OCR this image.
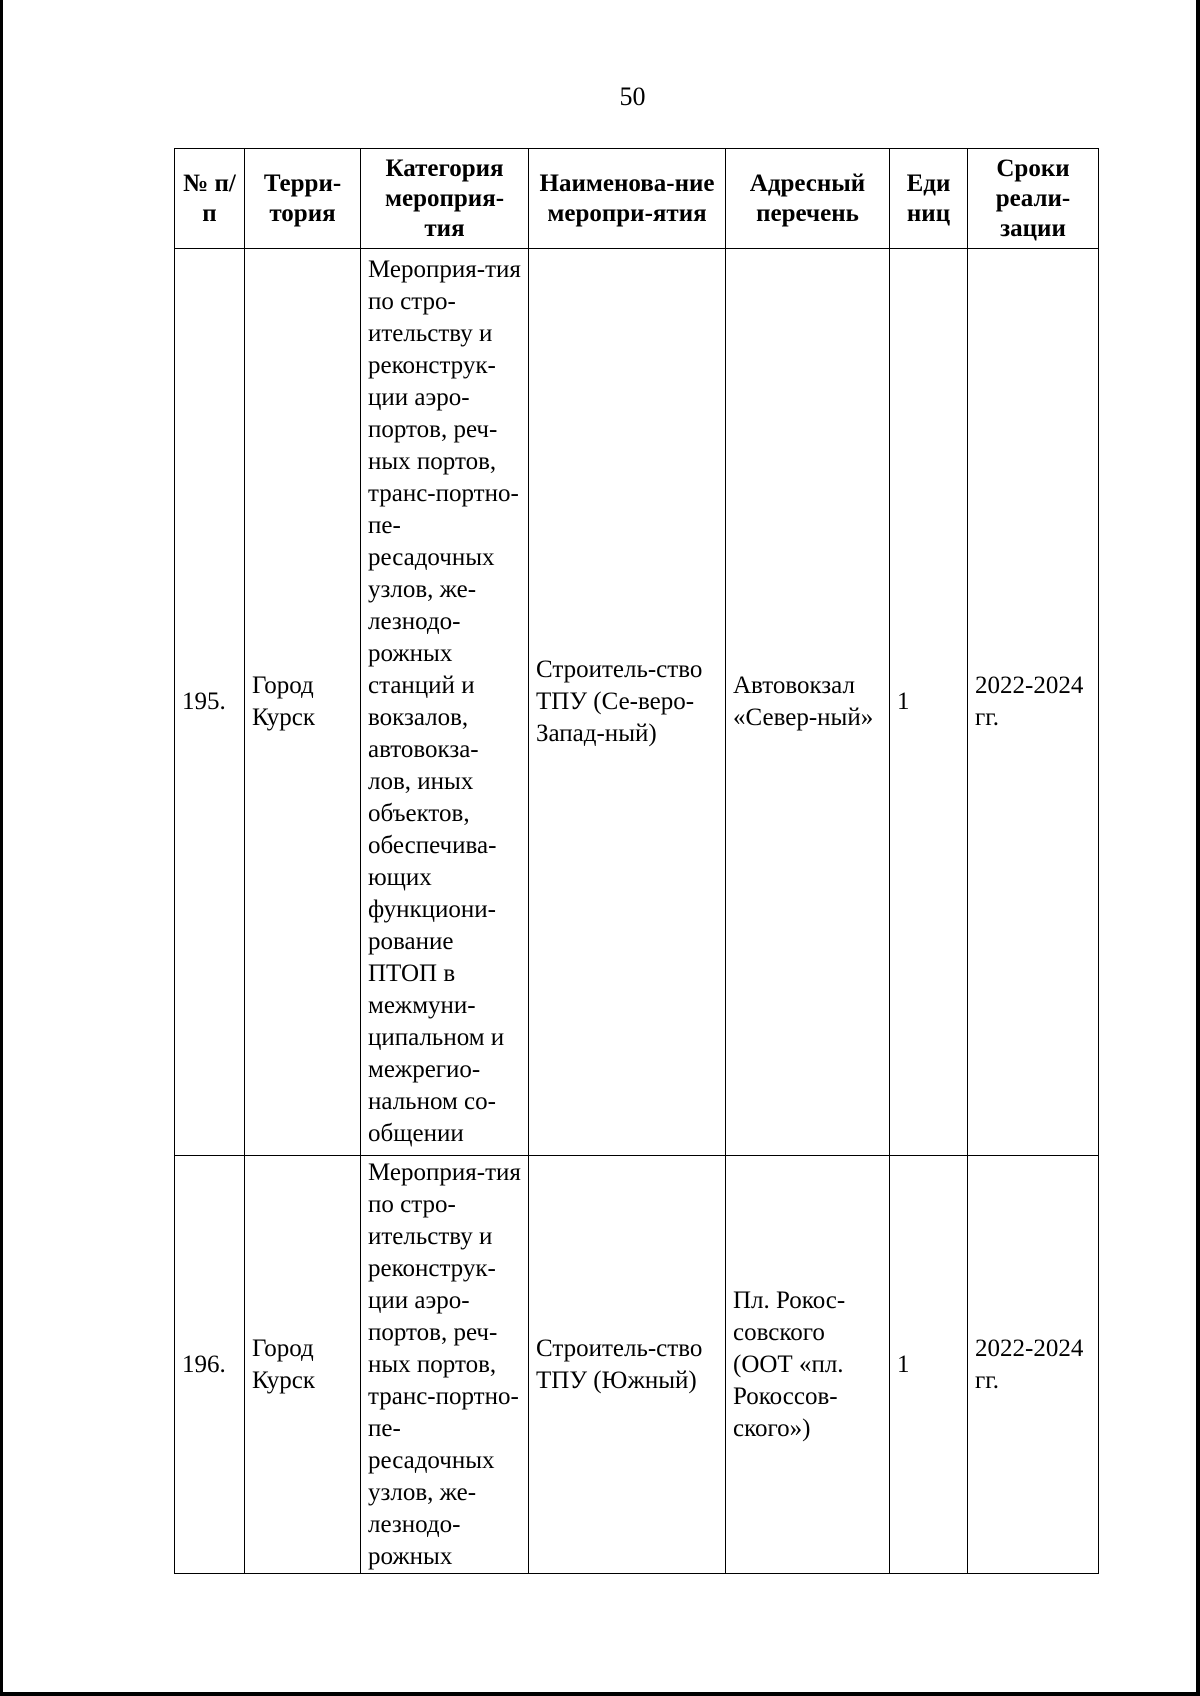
50
№ п/п	Терри-тория	Категория мероприя-тия	Наименова-ние меропри-ятия	Адресный перечень	Еди ниц	Сроки реали-зации
195.	Город Курск	Мероприя-тия по стро-ительству и реконструк-ции аэро-портов, реч-ных портов, транс-портно-пе-ресадочных узлов, же-лезнодо-рожных станций и вокзалов, автовокза-лов, иных объектов, обеспечива-ющих функциони-рование ПТОП в межмуни-ципальном и межрегио-нальном со-общении	Строитель-ство ТПУ (Се-веро-Запад-ный)	Автовокзал «Север-ный»	1	2022-2024 гг.
196.	Город Курск	Мероприя-тия по стро-ительству и реконструк-ции аэро-портов, реч-ных портов, транс-портно-пе-ресадочных узлов, же-лезнодо-рожных	Строитель-ство ТПУ (Южный)	Пл. Рокос-совского (ООТ «пл. Рокоссов-ского»)	1	2022-2024 гг.
